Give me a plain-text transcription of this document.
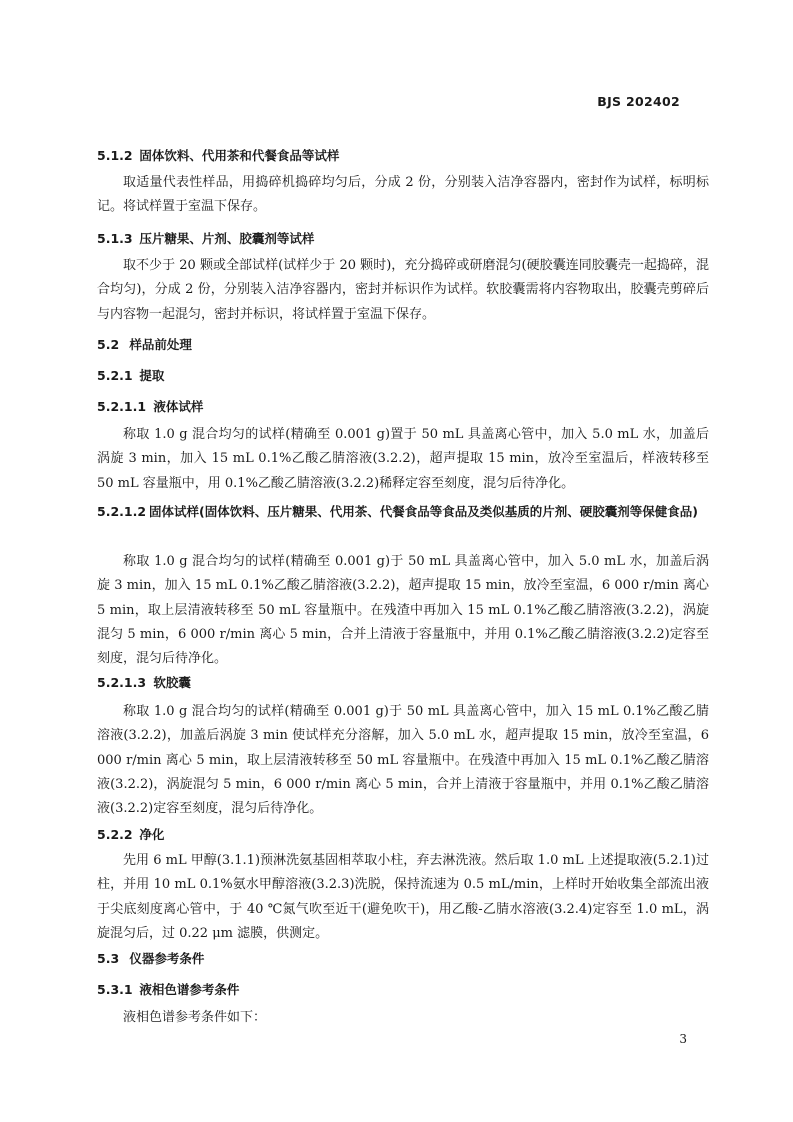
BJS 202402
5.1.2 固体饮料、代用茶和代餐食品等试样
取适量代表性样品，用捣碎机捣碎均匀后，分成 2 份，分别装入洁净容器内，密封作为试样，标明标记。将试样置于室温下保存。
5.1.3 压片糖果、片剂、胶囊剂等试样
取不少于 20 颗或全部试样(试样少于 20 颗时)，充分捣碎或研磨混匀(硬胶囊连同胶囊壳一起捣碎，混合均匀)，分成 2 份，分别装入洁净容器内，密封并标识作为试样。软胶囊需将内容物取出，胶囊壳剪碎后与内容物一起混匀，密封并标识，将试样置于室温下保存。
5.2 样品前处理
5.2.1 提取
5.2.1.1 液体试样
称取 1.0 g 混合均匀的试样(精确至 0.001 g)置于 50 mL 具盖离心管中，加入 5.0 mL 水，加盖后涡旋 3 min，加入 15 mL 0.1%乙酸乙腈溶液(3.2.2)，超声提取 15 min，放冷至室温后，样液转移至 50 mL 容量瓶中，用 0.1%乙酸乙腈溶液(3.2.2)稀释定容至刻度，混匀后待净化。
5.2.1.2 固体试样(固体饮料、压片糖果、代用茶、代餐食品等食品及类似基质的片剂、硬胶囊剂等保健食品)
称取 1.0 g 混合均匀的试样(精确至 0.001 g)于 50 mL 具盖离心管中，加入 5.0 mL 水，加盖后涡旋 3 min，加入 15 mL 0.1%乙酸乙腈溶液(3.2.2)，超声提取 15 min，放冷至室温，6 000 r/min 离心 5 min，取上层清液转移至 50 mL 容量瓶中。在残渣中再加入 15 mL 0.1%乙酸乙腈溶液(3.2.2)，涡旋混匀 5 min，6 000 r/min 离心 5 min，合并上清液于容量瓶中，并用 0.1%乙酸乙腈溶液(3.2.2)定容至刻度，混匀后待净化。
5.2.1.3 软胶囊
称取 1.0 g 混合均匀的试样(精确至 0.001 g)于 50 mL 具盖离心管中，加入 15 mL 0.1%乙酸乙腈溶液(3.2.2)，加盖后涡旋 3 min 使试样充分溶解，加入 5.0 mL 水，超声提取 15 min，放冷至室温，6 000 r/min 离心 5 min，取上层清液转移至 50 mL 容量瓶中。在残渣中再加入 15 mL 0.1%乙酸乙腈溶液(3.2.2)，涡旋混匀 5 min，6 000 r/min 离心 5 min，合并上清液于容量瓶中，并用 0.1%乙酸乙腈溶液(3.2.2)定容至刻度，混匀后待净化。
5.2.2 净化
先用 6 mL 甲醇(3.1.1)预淋洗氨基固相萃取小柱，弃去淋洗液。然后取 1.0 mL 上述提取液(5.2.1)过柱，并用 10 mL 0.1%氨水甲醇溶液(3.2.3)洗脱，保持流速为 0.5 mL/min，上样时开始收集全部流出液于尖底刻度离心管中，于 40 ℃氮气吹至近干(避免吹干)，用乙酸-乙腈水溶液(3.2.4)定容至 1.0 mL，涡旋混匀后，过 0.22 μm 滤膜，供测定。
5.3 仪器参考条件
5.3.1 液相色谱参考条件
液相色谱参考条件如下：
3
